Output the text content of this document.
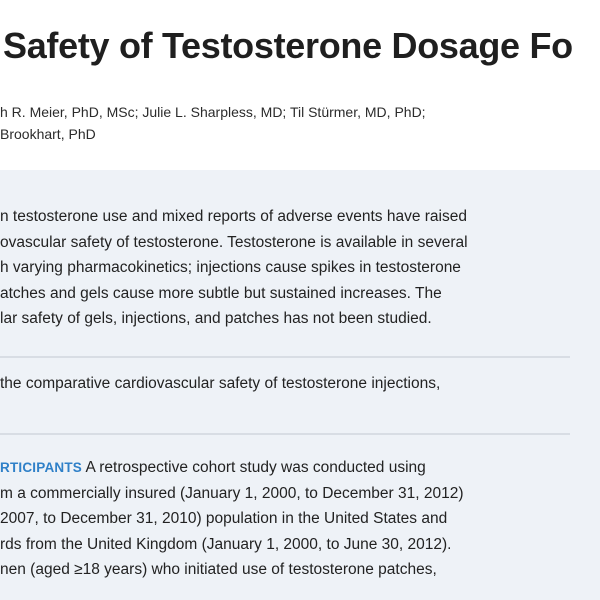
Safety of Testosterone Dosage Fo
h R. Meier, PhD, MSc; Julie L. Sharpless, MD; Til Stürmer, MD, PhD;
Brookhart, PhD
n testosterone use and mixed reports of adverse events have raised
ovascular safety of testosterone. Testosterone is available in several
h varying pharmacokinetics; injections cause spikes in testosterone
atches and gels cause more subtle but sustained increases. The
lar safety of gels, injections, and patches has not been studied.
the comparative cardiovascular safety of testosterone injections,
RTICIPANTS A retrospective cohort study was conducted using
m a commercially insured (January 1, 2000, to December 31, 2012)
2007, to December 31, 2010) population in the United States and
rds from the United Kingdom (January 1, 2000, to June 30, 2012).
nen (aged ≥18 years) who initiated use of testosterone patches,
